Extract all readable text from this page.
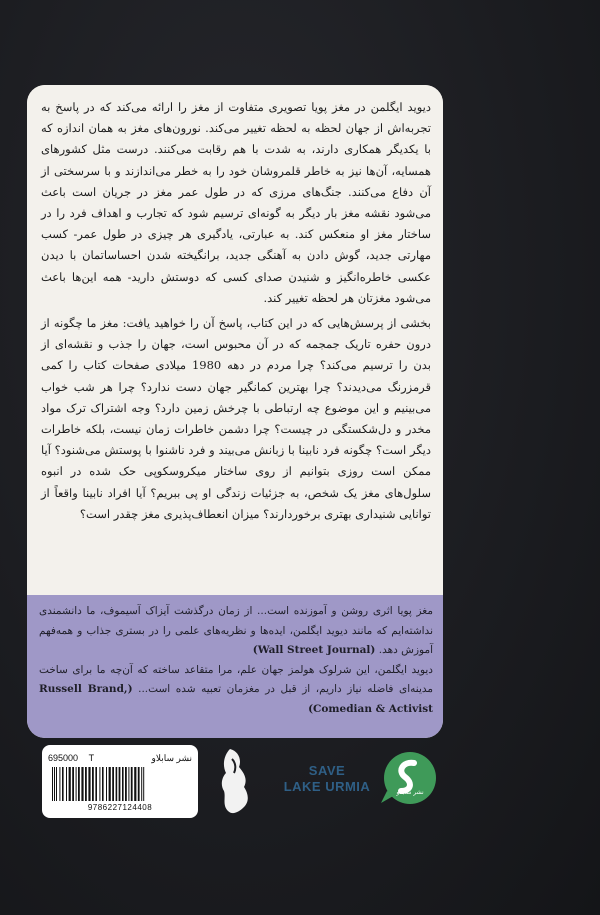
دیوید ایگلمن در مغز پویا تصویری متفاوت از مغز را ارائه می‌کند که در پاسخ به تجربه‌اش از جهان لحظه به لحظه تغییر می‌کند. نورون‌های مغز به همان اندازه که با یکدیگر همکاری دارند، به شدت با هم رقابت می‌کنند. درست مثل کشورهای همسایه، آن‌ها نیز به خاطر قلمروشان خود را به خطر می‌اندازند و با سرسختی از آن دفاع می‌کنند. جنگ‌های مرزی که در طول عمر مغز در جریان است باعث می‌شود نقشه مغز بار دیگر به گونه‌ای ترسیم شود که تجارب و اهداف فرد را در ساختار مغز او منعکس کند. به عبارتی، یادگیری هر چیزی در طول عمر- کسب مهارتی جدید، گوش دادن به آهنگی جدید، برانگیخته شدن احساساتمان با دیدن عکسی خاطره‌انگیز و شنیدن صدای کسی که دوستش دارید- همه این‌ها باعث می‌شود مغزتان هر لحظه تغییر کند.

بخشی از پرسش‌هایی که در این کتاب، پاسخ آن را خواهید یافت: مغز ما چگونه از درون حفره تاریک جمجمه که در آن محبوس است، جهان را جذب و نقشه‌ای از بدن را ترسیم می‌کند؟ چرا مردم در دهه 1980 میلادی صفحات کتاب را کمی قرمزرنگ می‌دیدند؟ چرا بهترین کمانگیر جهان دست ندارد؟ چرا هر شب خواب می‌بینیم و این موضوع چه ارتباطی با چرخش زمین دارد؟ وجه اشتراک ترک مواد مخدر و دل‌شکستگی در چیست؟ چرا دشمن خاطرات زمان نیست، بلکه خاطرات دیگر است؟ چگونه فرد نابینا با زبانش می‌بیند و فرد ناشنوا با پوستش می‌شنود؟ آیا ممکن است روزی بتوانیم از روی ساختار میکروسکوپی حک شده در انبوه سلول‌های مغز یک شخص، به جزئیات زندگی او پی ببریم؟ آیا افراد نابینا واقعاً از توانایی شنیداری بهتری برخوردارند؟ میزان انعطاف‌پذیری مغز چقدر است؟

مغز پویا اثری روشن و آموزنده است... از زمان درگذشت آیزاک آسیموف، ما دانشمندی نداشته‌ایم که مانند دیوید ایگلمن، ایده‌ها و نظریه‌های علمی را در بستری جذاب و همه‌فهم آموزش دهد. (Wall Street Journal)

دیوید ایگلمن، این شرلوک هولمز جهان علم، مرا متقاعد ساخته که آن‌چه ما برای ساخت مدینه‌ای فاضله نیاز داریم، از قبل در مغزمان تعبیه شده است... (Russell Brand, Comedian & Activist)

695000 T	نشر سابلاو
9786227124408
SAVE
LAKE URMIA	نشر سابلاو
